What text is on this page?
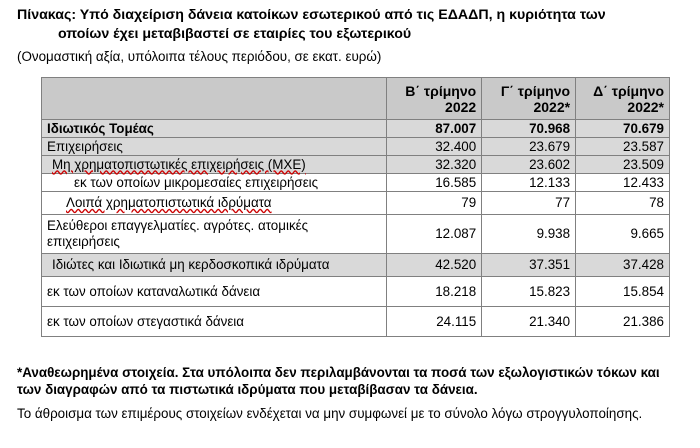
Πίνακας: Υπό διαχείριση δάνεια κατοίκων εσωτερικού από τις ΕΔΑΔΠ, η κυριότητα των
οποίων έχει μεταβιβαστεί σε εταιρίες του εξωτερικού
(Ονομαστική αξία, υπόλοιπα τέλους περιόδου, σε εκατ. ευρώ)
	Β΄ τρίμηνο 2022	Γ΄ τρίμηνο 2022*	Δ΄ τρίμηνο 2022*
Ιδιωτικός Τομέας	87.007	70.968	70.679
Επιχειρήσεις	32.400	23.679	23.587
Μη χρηματοπιστωτικές επιχειρήσεις (ΜΧΕ)	32.320	23.602	23.509
εκ των οποίων μικρομεσαίες επιχειρήσεις	16.585	12.133	12.433
Λοιπά χρηματοπιστωτικά ιδρύματα	79	77	78
Ελεύθεροι επαγγελματίες. αγρότες. ατομικές επιχειρήσεις	12.087	9.938	9.665
Ιδιώτες και Ιδιωτικά μη κερδοσκοπικά ιδρύματα	42.520	37.351	37.428
εκ των οποίων καταναλωτικά δάνεια	18.218	15.823	15.854
εκ των οποίων στεγαστικά δάνεια	24.115	21.340	21.386
*Αναθεωρημένα στοιχεία. Στα υπόλοιπα δεν περιλαμβάνονται τα ποσά των εξωλογιστικών τόκων και των διαγραφών από τα πιστωτικά ιδρύματα που μεταβίβασαν τα δάνεια.
Το άθροισμα των επιμέρους στοιχείων ενδέχεται να μην συμφωνεί με το σύνολο λόγω στρογγυλοποίησης.
